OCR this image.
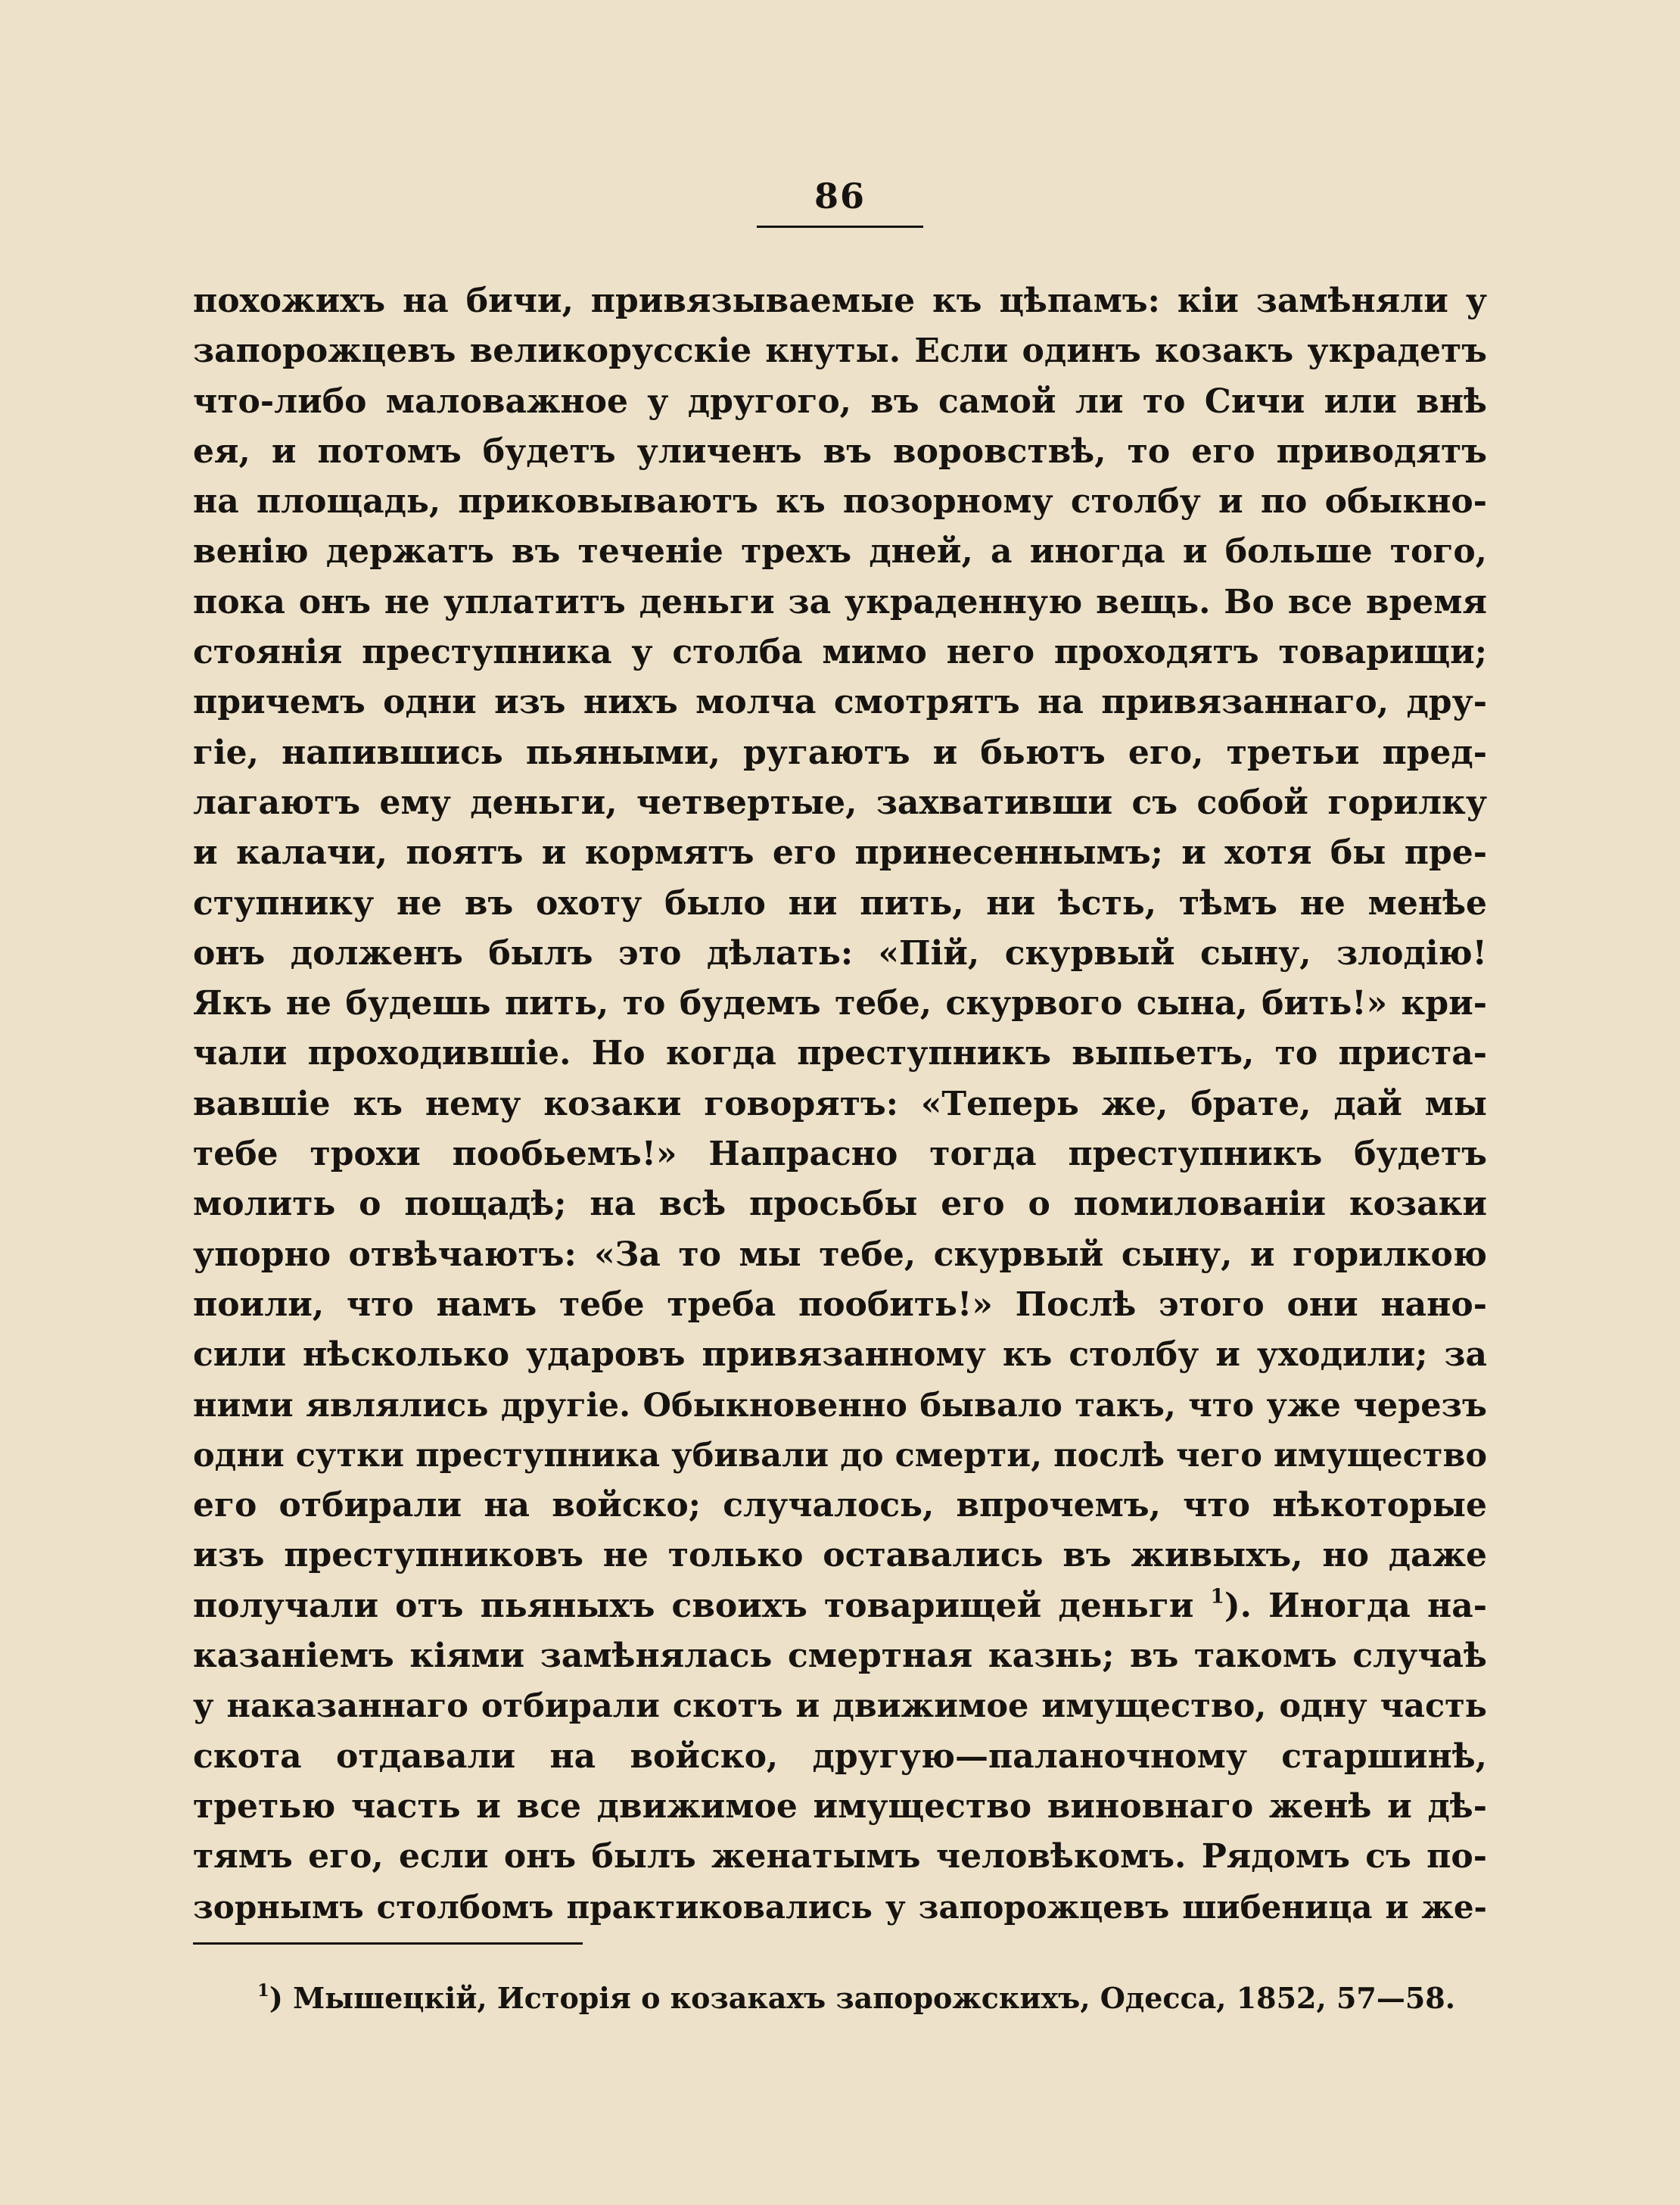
86
похожихъ на бичи, привязываемые къ цѣпамъ: кіи замѣняли у
запорожцевъ великорусскіе кнуты. Если одинъ козакъ украдетъ
что-либо маловажное у другого, въ самой ли то Сичи или внѣ
ея, и потомъ будетъ уличенъ въ воровствѣ, то его приводятъ
на площадь, приковываютъ къ позорному столбу и по обыкно-
венію держатъ въ теченіе трехъ дней, а иногда и больше того,
пока онъ не уплатитъ деньги за украденную вещь. Во все время
стоянія преступника у столба мимо него проходятъ товарищи;
причемъ одни изъ нихъ молча смотрятъ на привязаннаго, дру-
гіе, напившись пьяными, ругаютъ и бьютъ его, третьи пред-
лагаютъ ему деньги, четвертые, захвативши съ собой горилку
и калачи, поятъ и кормятъ его принесеннымъ; и хотя бы пре-
ступнику не въ охоту было ни пить, ни ѣсть, тѣмъ не менѣе
онъ долженъ былъ это дѣлать: «Пій, скурвый сыну, злодію!
Якъ не будешь пить, то будемъ тебе, скурвого сына, бить!» кри-
чали проходившіе. Но когда преступникъ выпьетъ, то приста-
вавшіе къ нему козаки говорятъ: «Теперь же, брате, дай мы
тебе трохи пообьемъ!» Напрасно тогда преступникъ будетъ
молить о пощадѣ; на всѣ просьбы его о помилованіи козаки
упорно отвѣчаютъ: «За то мы тебе, скурвый сыну, и горилкою
поили, что намъ тебе треба пообить!» Послѣ этого они нано-
сили нѣсколько ударовъ привязанному къ столбу и уходили; за
ними являлись другіе. Обыкновенно бывало такъ, что уже черезъ
одни сутки преступника убивали до смерти, послѣ чего имущество
его отбирали на войско; случалось, впрочемъ, что нѣкоторые
изъ преступниковъ не только оставались въ живыхъ, но даже
получали отъ пьяныхъ своихъ товарищей деньги $^1$). Иногда на-
казаніемъ кіями замѣнялась смертная казнь; въ такомъ случаѣ
у наказаннаго отбирали скотъ и движимое имущество, одну часть
скота отдавали на войско, другую—паланочному старшинѣ,
третью часть и все движимое имущество виновнаго женѣ и дѣ-
тямъ его, если онъ былъ женатымъ человѣкомъ. Рядомъ съ по-
зорнымъ столбомъ практиковались у запорожцевъ шибеница и же-
$^1$) Мышецкій, Исторія о козакахъ запорожскихъ, Одесса, 1852, 57—58.
